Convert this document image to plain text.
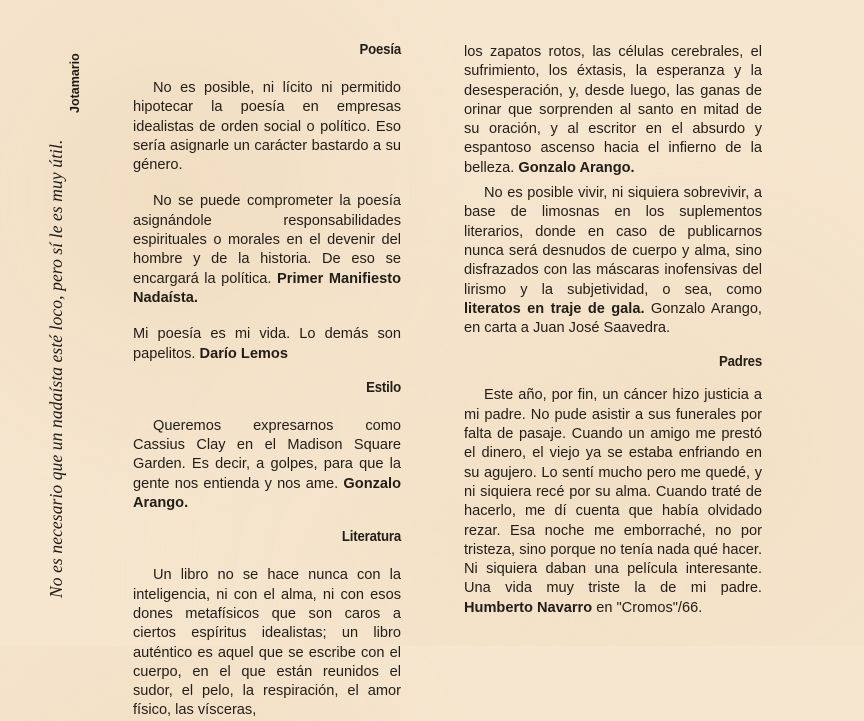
No es necesario que un nadaísta esté loco, pero sí le es muy útil.
Jotamario
Poesía

No es posible, ni lícito ni permitido hipotecar la poesía en empresas idealistas de orden social o político. Eso sería asignarle un carácter bastardo a su género.

No se puede comprometer la poesía asignándole responsabilidades espirituales o morales en el devenir del hombre y de la historia. De eso se encargará la política. Primer Manifiesto Nadaísta.

Mi poesía es mi vida. Lo demás son papelitos. Darío Lemos

Estilo

Queremos expresarnos como Cassius Clay en el Madison Square Garden. Es decir, a golpes, para que la gente nos entienda y nos ame. Gonzalo Arango.

Literatura

Un libro no se hace nunca con la inteligencia, ni con el alma, ni con esos dones metafísicos que son caros a ciertos espíritus idealistas; un libro auténtico es aquel que se escribe con el cuerpo, en el que están reunidos el sudor, el pelo, la respiración, el amor físico, las vísceras,

los zapatos rotos, las células cerebrales, el sufrimiento, los éxtasis, la esperanza y la desesperación, y, desde luego, las ganas de orinar que sorprenden al santo en mitad de su oración, y al escritor en el absurdo y espantoso ascenso hacia el infierno de la belleza. Gonzalo Arango.

No es posible vivir, ni siquiera sobrevivir, a base de limosnas en los suplementos literarios, donde en caso de publicarnos nunca será desnudos de cuerpo y alma, sino disfrazados con las máscaras inofensivas del lirismo y la subjetividad, o sea, como literatos en traje de gala. Gonzalo Arango, en carta a Juan José Saavedra.

Padres

Este año, por fin, un cáncer hizo justicia a mi padre. No pude asistir a sus funerales por falta de pasaje. Cuando un amigo me prestó el dinero, el viejo ya se estaba enfriando en su agujero. Lo sentí mucho pero me quedé, y ni siquiera recé por su alma. Cuando traté de hacerlo, me dí cuenta que había olvidado rezar. Esa noche me emborraché, no por tristeza, sino porque no tenía nada qué hacer. Ni siquiera daban una película interesante. Una vida muy triste la de mi padre. Humberto Navarro en "Cromos"/66.
